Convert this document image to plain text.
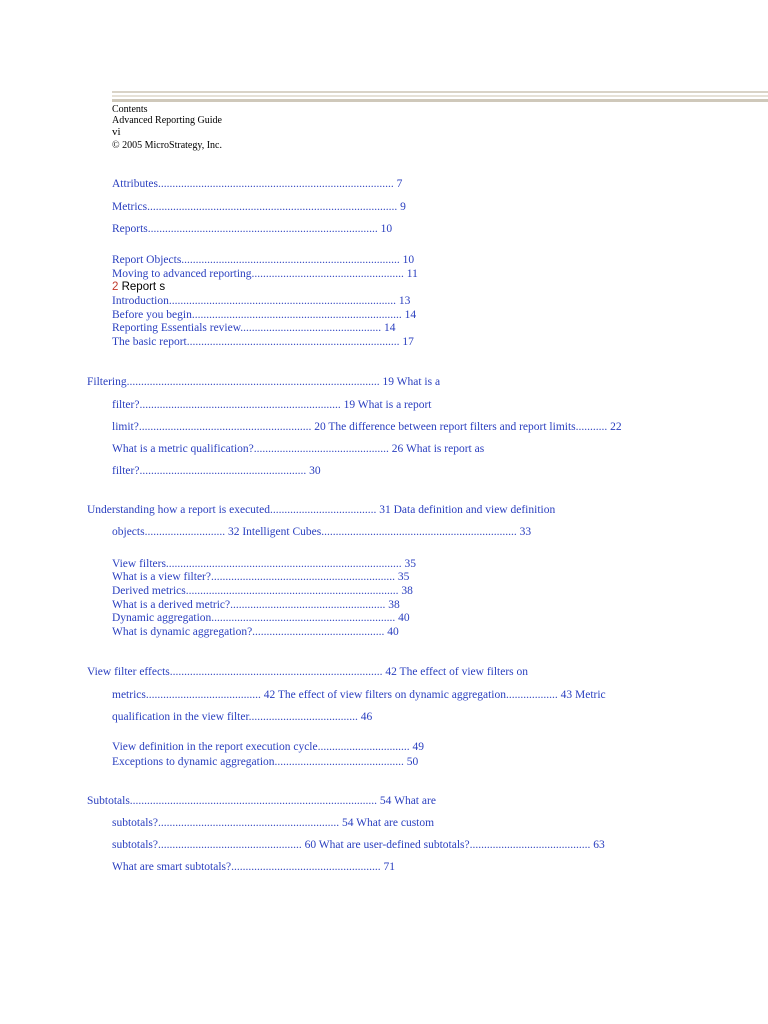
Contents
Advanced Reporting Guide
vi
© 2005 MicroStrategy, Inc.
Attributes.................................................................................. 7
Metrics....................................................................................... 9
Reports................................................................................ 10
Report Objects............................................................................ 10
Moving to advanced reporting..................................................... 11
2 Report s
Introduction............................................................................... 13
Before you begin......................................................................... 14
Reporting Essentials review................................................. 14
The basic report.......................................................................... 17
Filtering........................................................................................ 19 What is a
filter?...................................................................... 19 What is a report
limit?............................................................ 20 The difference between report filters and report limits........... 22
What is a metric qualification?............................................... 26 What is report as
filter?.......................................................... 30
Understanding how a report is executed..................................... 31 Data definition and view definition
objects............................ 32 Intelligent Cubes.................................................................... 33
View filters.................................................................................. 35
What is a view filter?................................................................ 35
Derived metrics.......................................................................... 38
What is a derived metric?...................................................... 38
Dynamic aggregation................................................................ 40
What is dynamic aggregation?.............................................. 40
View filter effects.......................................................................... 42 The effect of view filters on
metrics........................................ 42 The effect of view filters on dynamic aggregation.................. 43 Metric
qualification in the view filter...................................... 46
View definition in the report execution cycle................................ 49
Exceptions to dynamic aggregation............................................. 50
Subtotals...................................................................................... 54 What are
subtotals?............................................................... 54 What are custom
subtotals?.................................................. 60 What are user-defined subtotals?.......................................... 63
What are smart subtotals?.................................................... 71
